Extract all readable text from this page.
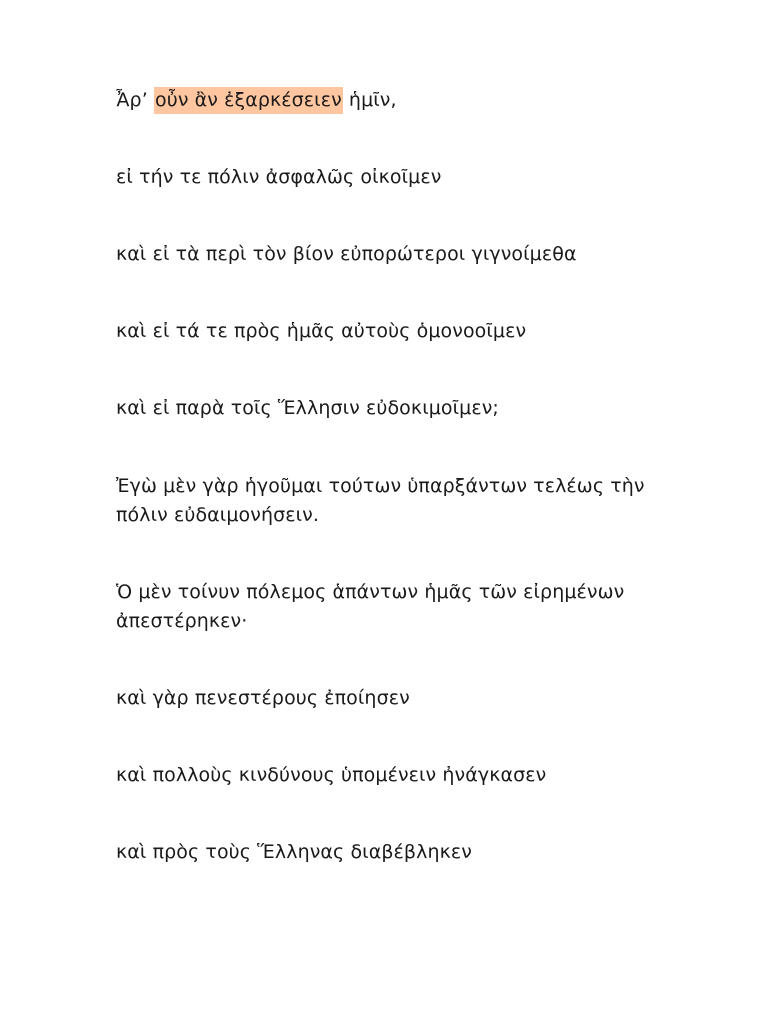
Ἆρ’ οὖν ἂν ἐξαρκέσειεν ἡμῖν,
εἰ τήν τε πόλιν ἀσφαλῶς οἰκοῖμεν
καὶ εἰ τὰ περὶ τὸν βίον εὐπορώτεροι γιγνοίμεθα
καὶ εἰ τά τε πρὸς ἡμᾶς αὐτοὺς ὁμονοοῖμεν
καὶ εἰ παρὰ τοῖς Ἕλλησιν εὐδοκιμοῖμεν;
Ἐγὼ μὲν γὰρ ἡγοῦμαι τούτων ὑπαρξάντων τελέως τὴν πόλιν εὐδαιμονήσειν.
Ὁ μὲν τοίνυν πόλεμος ἁπάντων ἡμᾶς τῶν εἰρημένων ἀπεστέρηκεν·
καὶ γὰρ πενεστέρους ἐποίησεν
καὶ πολλοὺς κινδύνους ὑπομένειν ἠνάγκασεν
καὶ πρὸς τοὺς Ἕλληνας διαβέβληκεν
